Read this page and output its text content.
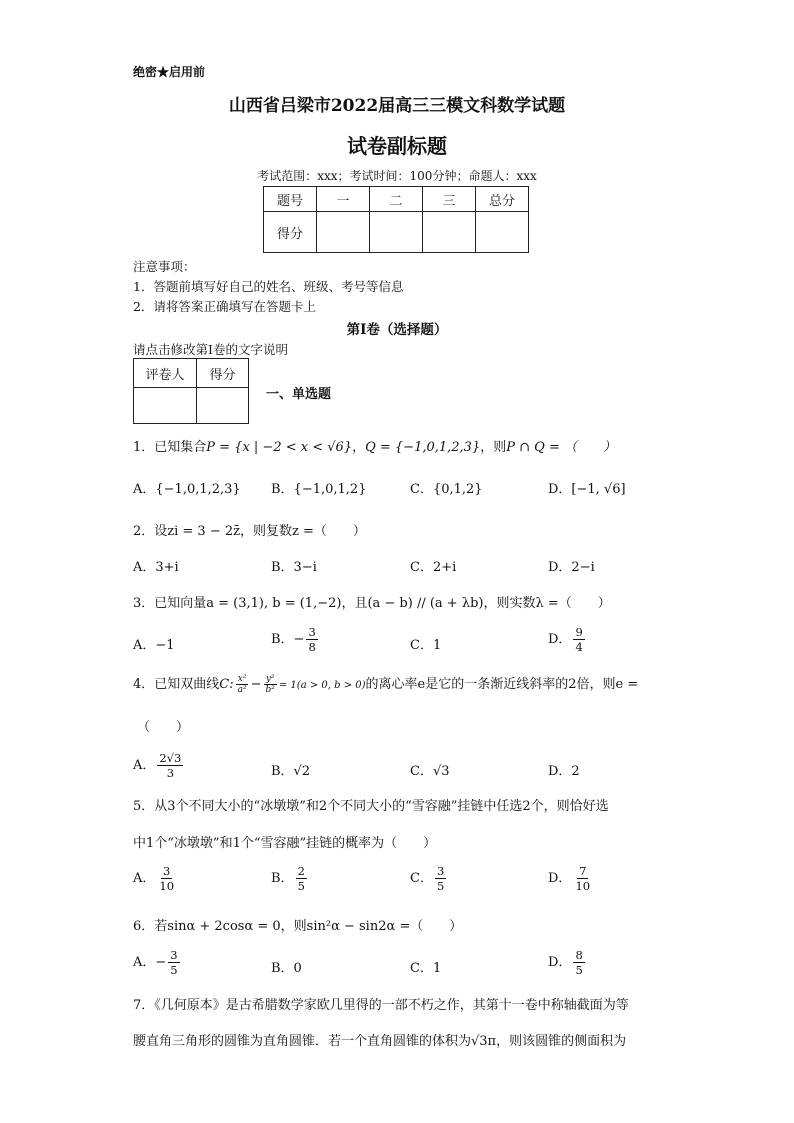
绝密★启用前
山西省吕梁市2022届高三三模文科数学试题
试卷副标题
考试范围：xxx；考试时间：100分钟；命题人：xxx
题号	一	二	三	总分
得分				
注意事项：
1．答题前填写好自己的姓名、班级、考号等信息
2．请将答案正确填写在答题卡上
第I卷（选择题）
请点击修改第I卷的文字说明
评卷人	得分

一、单选题
1．已知集合P = {x | −2 < x < √6}，Q = {−1,0,1,2,3}，则P ∩ Q = （　　）
A．{−1,0,1,2,3} B．{−1,0,1,2}	C．{0,1,2}	D．[−1, √6]
2．设zi = 3 − 2z̄，则复数z =（　　）
A．3+i	B．3−i	C．2+i	D．2−i
3．已知向量a = (3,1), b = (1,−2)，且(a − b) // (a + λb)，则实数λ =（　　）
A．−1	B．− $\frac{3}{8}$	C．1	D． $\frac{9}{4}$
4．已知双曲线C: $\frac{\text{x²}}{\text{a²}} - \frac{\text{y²}}{\text{b²}} = 1(a > 0$, b > 0)的离心率e是它的一条渐近线斜率的2倍，则e =
（　　）
A． $\frac{2√3}{3}$	B．√2	C．√3	D．2
5．从3个不同大小的“冰墩墩”和2个不同大小的“雪容融”挂链中任选2个，则恰好选
中1个“冰墩墩”和1个“雪容融”挂链的概率为（　　）
A． $\frac{3}{10}$	B． $\frac{2}{5}$	C． $\frac{3}{5}$	D． $\frac{7}{10}$
6．若sinα + 2cosα = 0，则sin²α − sin2α =（　　）
A．− $\frac{3}{5}$	B．0	C．1	D． $\frac{8}{5}$
7．《几何原本》是古希腊数学家欧几里得的一部不朽之作，其第十一卷中称轴截面为等
腰直角三角形的圆锥为直角圆锥．若一个直角圆锥的体积为√3π，则该圆锥的侧面积为
